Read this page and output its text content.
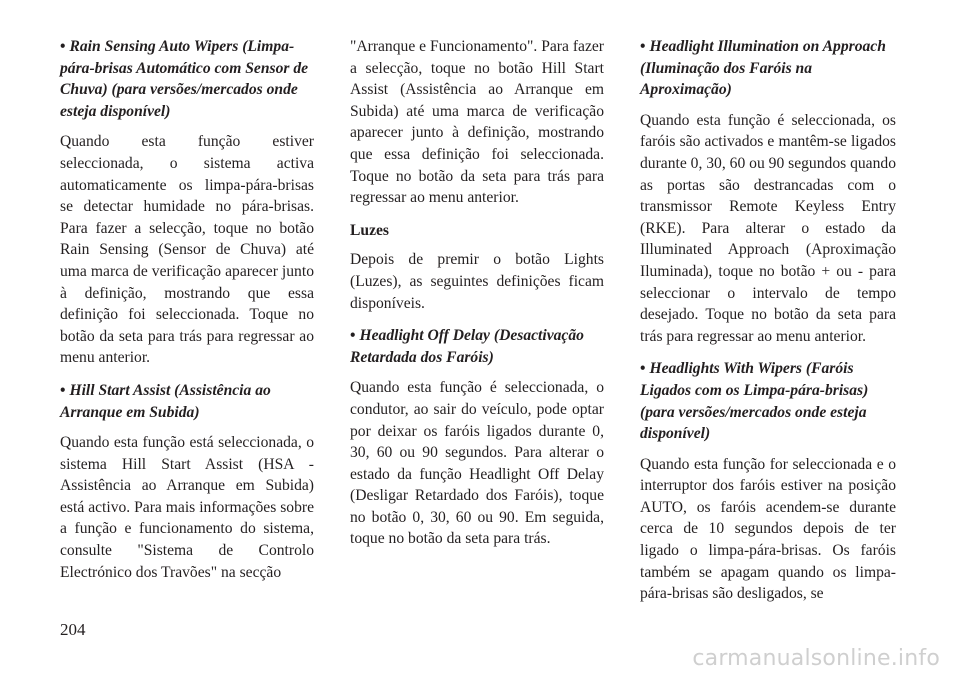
• Rain Sensing Auto Wipers (Limpa-pára-brisas Automático com Sensor de Chuva) (para versões/mercados onde esteja disponível)

Quando esta função estiver seleccionada, o sistema activa automaticamente os limpa-pára-brisas se detectar humidade no pára-brisas. Para fazer a selecção, toque no botão Rain Sensing (Sensor de Chuva) até uma marca de verificação aparecer junto à definição, mostrando que essa definição foi seleccionada. Toque no botão da seta para trás para regressar ao menu anterior.

• Hill Start Assist (Assistência ao Arranque em Subida)

Quando esta função está seleccionada, o sistema Hill Start Assist (HSA - Assistência ao Arranque em Subida) está activo. Para mais informações sobre a função e funcionamento do sistema, consulte "Sistema de Controlo Electrónico dos Travões" na secção

"Arranque e Funcionamento". Para fazer a selecção, toque no botão Hill Start Assist (Assistência ao Arranque em Subida) até uma marca de verificação aparecer junto à definição, mostrando que essa definição foi seleccionada. Toque no botão da seta para trás para regressar ao menu anterior.

Luzes

Depois de premir o botão Lights (Luzes), as seguintes definições ficam disponíveis.

• Headlight Off Delay (Desactivação Retardada dos Faróis)

Quando esta função é seleccionada, o condutor, ao sair do veículo, pode optar por deixar os faróis ligados durante 0, 30, 60 ou 90 segundos. Para alterar o estado da função Headlight Off Delay (Desligar Retardado dos Faróis), toque no botão 0, 30, 60 ou 90. Em seguida, toque no botão da seta para trás.

• Headlight Illumination on Approach (Iluminação dos Faróis na Aproximação)

Quando esta função é seleccionada, os faróis são activados e mantêm-se ligados durante 0, 30, 60 ou 90 segundos quando as portas são destrancadas com o transmissor Remote Keyless Entry (RKE). Para alterar o estado da Illuminated Approach (Aproximação Iluminada), toque no botão + ou - para seleccionar o intervalo de tempo desejado. Toque no botão da seta para trás para regressar ao menu anterior.

• Headlights With Wipers (Faróis Ligados com os Limpa-pára-brisas) (para versões/mercados onde esteja disponível)

Quando esta função for seleccionada e o interruptor dos faróis estiver na posição AUTO, os faróis acendem-se durante cerca de 10 segundos depois de ter ligado o limpa-pára-brisas. Os faróis também se apagam quando os limpa-pára-brisas são desligados, se

204
carmanualsonline.info
